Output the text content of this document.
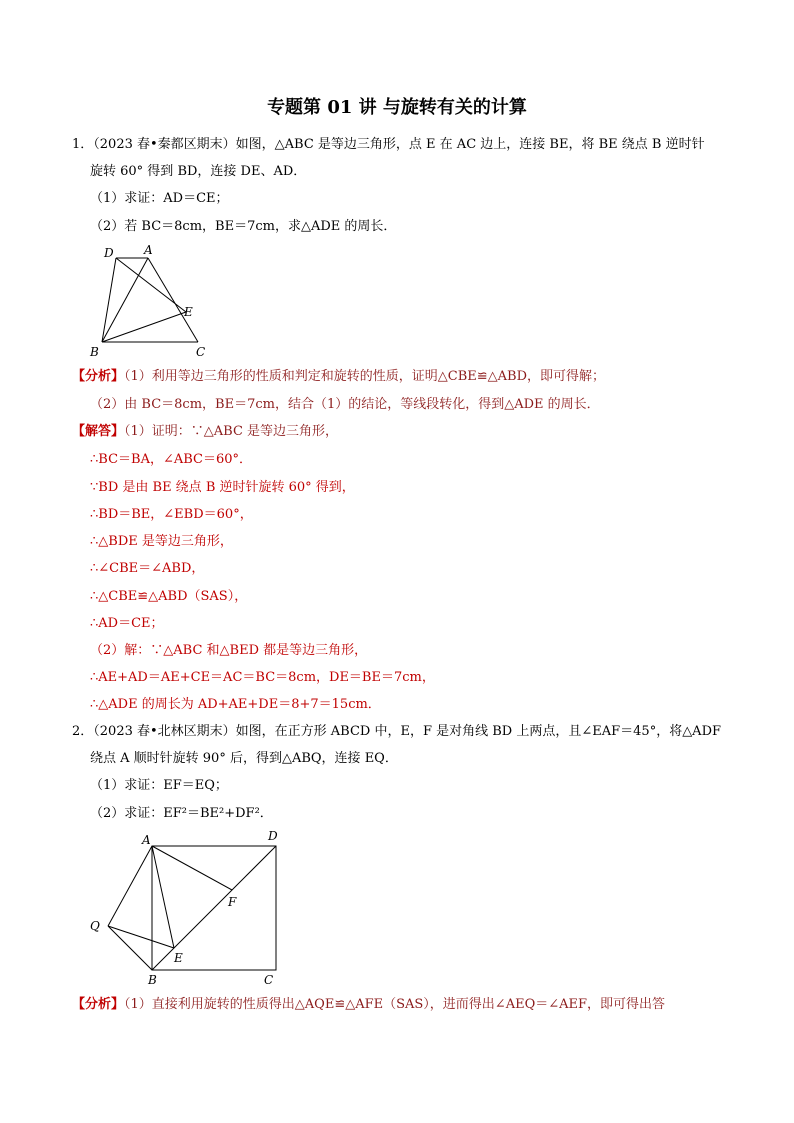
专题第 01 讲 与旋转有关的计算
1．（2023 春•秦都区期末）如图，△ABC 是等边三角形，点 E 在 AC 边上，连接 BE，将 BE 绕点 B 逆时针
旋转 60° 得到 BD，连接 DE、AD．
（1）求证：AD＝CE；
（2）若 BC＝8cm，BE＝7cm，求△ADE 的周长．
D	A
E
B	C
【分析】（1）利用等边三角形的性质和判定和旋转的性质，证明△CBE≌△ABD，即可得解；
（2）由 BC＝8cm，BE＝7cm，结合（1）的结论，等线段转化，得到△ADE 的周长．
【解答】（1）证明：∵△ABC 是等边三角形，
∴BC＝BA，∠ABC＝60°．
∵BD 是由 BE 绕点 B 逆时针旋转 60° 得到，
∴BD＝BE，∠EBD＝60°，
∴△BDE 是等边三角形，
∴∠CBE＝∠ABD，
∴△CBE≌△ABD（SAS），
∴AD＝CE；
（2）解：∵△ABC 和△BED 都是等边三角形，
∴AE+AD＝AE+CE＝AC＝BC＝8cm，DE＝BE＝7cm，
∴△ADE 的周长为 AD+AE+DE＝8+7＝15cm．
2．（2023 春•北林区期末）如图，在正方形 ABCD 中，E，F 是对角线 BD 上两点，且∠EAF＝45°，将△ADF
绕点 A 顺时针旋转 90° 后，得到△ABQ，连接 EQ．
（1）求证：EF＝EQ；
（2）求证：EF²＝BE²+DF²．
A	D
F
Q
E
B	C
【分析】（1）直接利用旋转的性质得出△AQE≌△AFE（SAS），进而得出∠AEQ＝∠AEF，即可得出答
